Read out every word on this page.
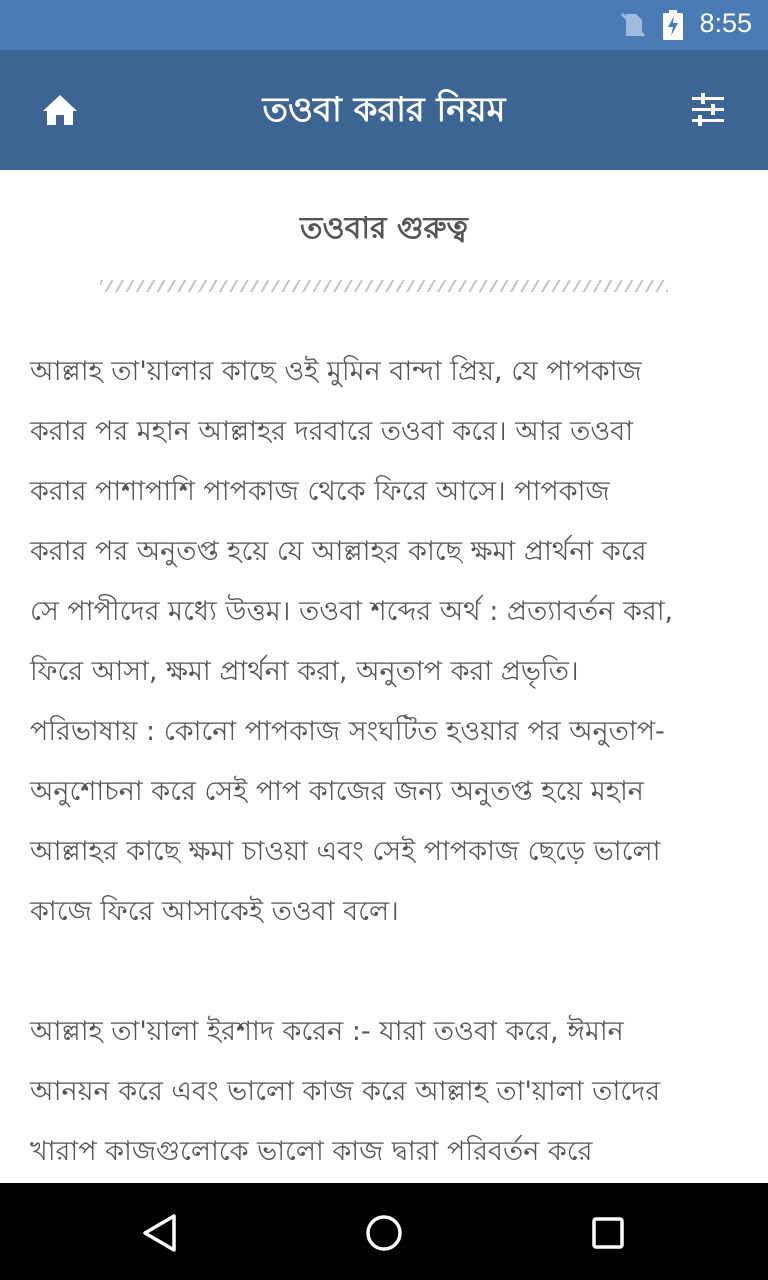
8:55
তওবা করার নিয়ম
তওবার গুরুত্ব

আল্লাহ তা'য়ালার কাছে ওই মুমিন বান্দা প্রিয়, যে পাপকাজ
করার পর মহান আল্লাহর দরবারে তওবা করে। আর তওবা
করার পাশাপাশি পাপকাজ থেকে ফিরে আসে। পাপকাজ
করার পর অনুতপ্ত হয়ে যে আল্লাহর কাছে ক্ষমা প্রার্থনা করে
সে পাপীদের মধ্যে উত্তম। তওবা শব্দের অর্থ : প্রত্যাবর্তন করা,
ফিরে আসা, ক্ষমা প্রার্থনা করা, অনুতাপ করা প্রভৃতি।
পরিভাষায় : কোনো পাপকাজ সংঘটিত হওয়ার পর অনুতাপ-
অনুশোচনা করে সেই পাপ কাজের জন্য অনুতপ্ত হয়ে মহান
আল্লাহর কাছে ক্ষমা চাওয়া এবং সেই পাপকাজ ছেড়ে ভালো
কাজে ফিরে আসাকেই তওবা বলে।

আল্লাহ তা'য়ালা ইরশাদ করেন :- যারা তওবা করে, ঈমান
আনয়ন করে এবং ভালো কাজ করে আল্লাহ তা'য়ালা তাদের
খারাপ কাজগুলোকে ভালো কাজ দ্বারা পরিবর্তন করে
